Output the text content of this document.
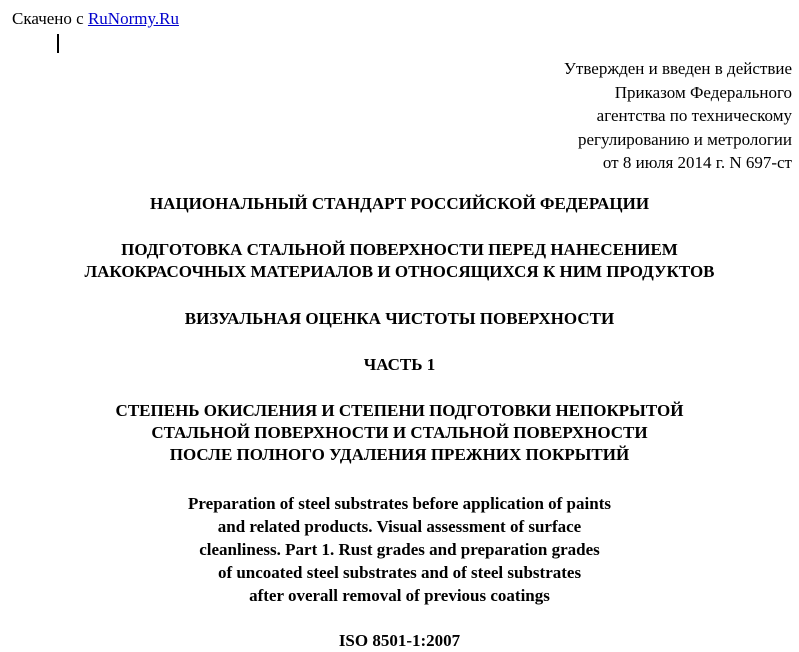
Скачено с RuNormy.Ru
Утвержден и введен в действие
Приказом Федерального
агентства по техническому
регулированию и метрологии
от 8 июля 2014 г. N 697-ст
НАЦИОНАЛЬНЫЙ СТАНДАРТ РОССИЙСКОЙ ФЕДЕРАЦИИ
ПОДГОТОВКА СТАЛЬНОЙ ПОВЕРХНОСТИ ПЕРЕД НАНЕСЕНИЕМ
ЛАКОКРАСОЧНЫХ МАТЕРИАЛОВ И ОТНОСЯЩИХСЯ К НИМ ПРОДУКТОВ
ВИЗУАЛЬНАЯ ОЦЕНКА ЧИСТОТЫ ПОВЕРХНОСТИ
ЧАСТЬ 1
СТЕПЕНЬ ОКИСЛЕНИЯ И СТЕПЕНИ ПОДГОТОВКИ НЕПОКРЫТОЙ
СТАЛЬНОЙ ПОВЕРХНОСТИ И СТАЛЬНОЙ ПОВЕРХНОСТИ
ПОСЛЕ ПОЛНОГО УДАЛЕНИЯ ПРЕЖНИХ ПОКРЫТИЙ
Preparation of steel substrates before application of paints
and related products. Visual assessment of surface
cleanliness. Part 1. Rust grades and preparation grades
of uncoated steel substrates and of steel substrates
after overall removal of previous coatings
ISO 8501-1:2007
